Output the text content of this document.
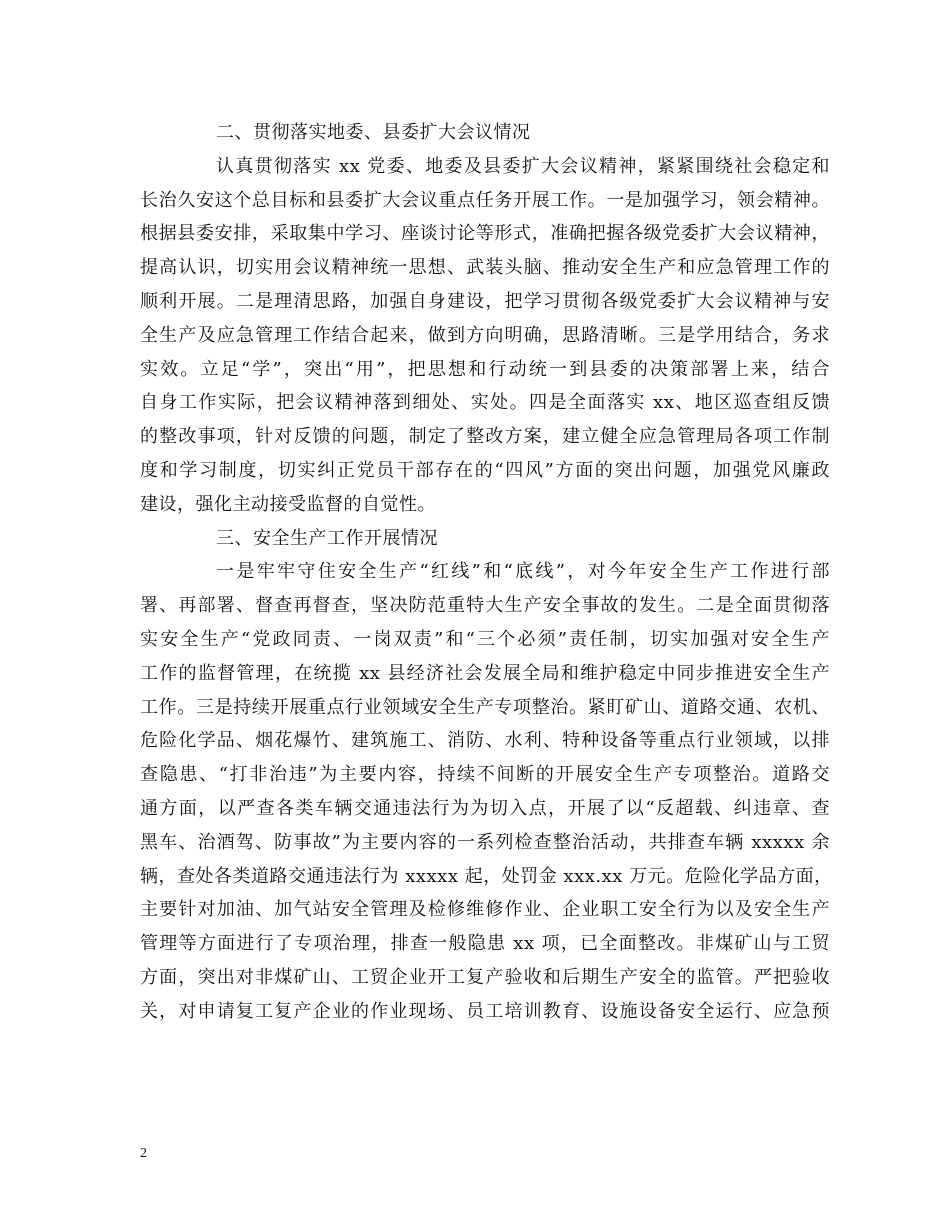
二、贯彻落实地委、县委扩大会议情况
认真贯彻落实 xx 党委、地委及县委扩大会议精神，紧紧围绕社会稳定和
长治久安这个总目标和县委扩大会议重点任务开展工作。一是加强学习，领会精神。
根据县委安排，采取集中学习、座谈讨论等形式，准确把握各级党委扩大会议精神，
提高认识，切实用会议精神统一思想、武装头脑、推动安全生产和应急管理工作的
顺利开展。二是理清思路，加强自身建设，把学习贯彻各级党委扩大会议精神与安
全生产及应急管理工作结合起来，做到方向明确，思路清晰。三是学用结合，务求
实效。立足“学”，突出“用”，把思想和行动统一到县委的决策部署上来，结合
自身工作实际，把会议精神落到细处、实处。四是全面落实 xx、地区巡查组反馈
的整改事项，针对反馈的问题，制定了整改方案，建立健全应急管理局各项工作制
度和学习制度，切实纠正党员干部存在的“四风”方面的突出问题，加强党风廉政
建设，强化主动接受监督的自觉性。
三、安全生产工作开展情况
一是牢牢守住安全生产“红线”和“底线”，对今年安全生产工作进行部
署、再部署、督查再督查，坚决防范重特大生产安全事故的发生。二是全面贯彻落
实安全生产“党政同责、一岗双责”和“三个必须”责任制，切实加强对安全生产
工作的监督管理，在统揽 xx 县经济社会发展全局和维护稳定中同步推进安全生产
工作。三是持续开展重点行业领域安全生产专项整治。紧盯矿山、道路交通、农机、
危险化学品、烟花爆竹、建筑施工、消防、水利、特种设备等重点行业领域，以排
查隐患、“打非治违”为主要内容，持续不间断的开展安全生产专项整治。道路交
通方面，以严查各类车辆交通违法行为为切入点，开展了以“反超载、纠违章、查
黑车、治酒驾、防事故”为主要内容的一系列检查整治活动，共排查车辆 xxxxx 余
辆，查处各类道路交通违法行为 xxxxx 起，处罚金 xxx.xx 万元。危险化学品方面，
主要针对加油、加气站安全管理及检修维修作业、企业职工安全行为以及安全生产
管理等方面进行了专项治理，排查一般隐患 xx 项，已全面整改。非煤矿山与工贸
方面，突出对非煤矿山、工贸企业开工复产验收和后期生产安全的监管。严把验收
关，对申请复工复产企业的作业现场、员工培训教育、设施设备安全运行、应急预
2
